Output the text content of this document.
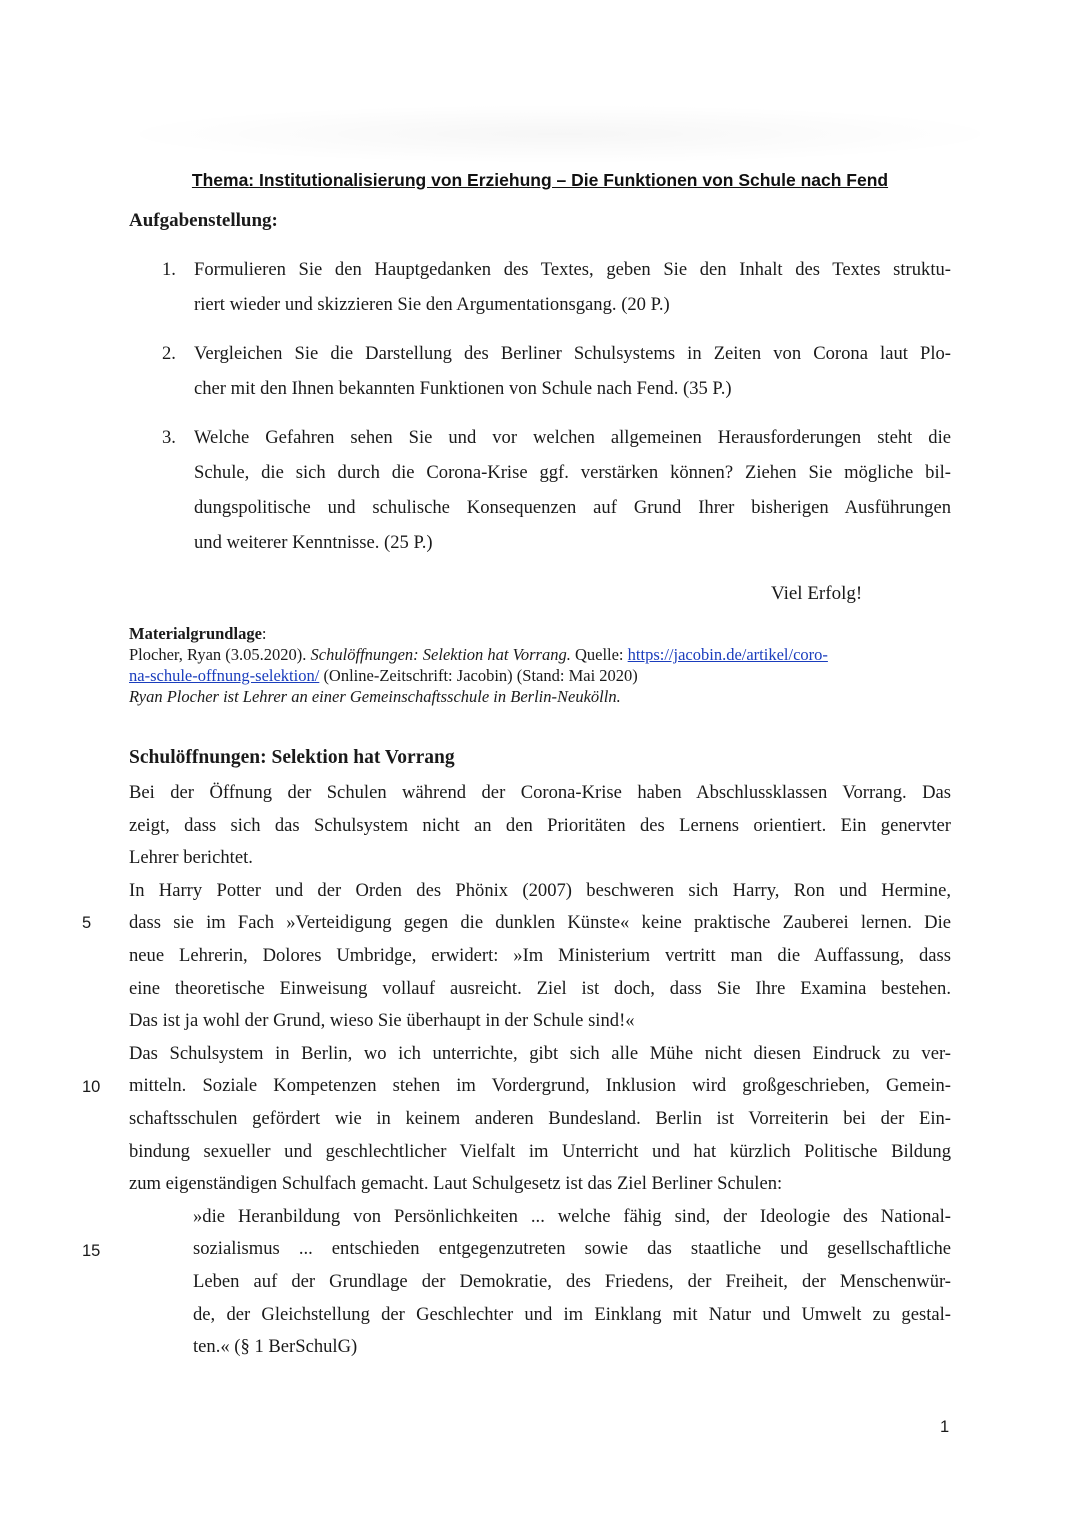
Thema: Institutionalisierung von Erziehung – Die Funktionen von Schule nach Fend
Aufgabenstellung:
1. Formulieren Sie den Hauptgedanken des Textes, geben Sie den Inhalt des Textes struktu-
riert wieder und skizzieren Sie den Argumentationsgang. (20 P.)
2. Vergleichen Sie die Darstellung des Berliner Schulsystems in Zeiten von Corona laut Plo-
cher mit den Ihnen bekannten Funktionen von Schule nach Fend. (35 P.)
3. Welche Gefahren sehen Sie und vor welchen allgemeinen Herausforderungen steht die
Schule, die sich durch die Corona-Krise ggf. verstärken können? Ziehen Sie mögliche bil-
dungspolitische und schulische Konsequenzen auf Grund Ihrer bisherigen Ausführungen
und weiterer Kenntnisse. (25 P.)
Viel Erfolg!
Materialgrundlage:
Plocher, Ryan (3.05.2020). Schulöffnungen: Selektion hat Vorrang. Quelle: https://jacobin.de/artikel/coro-
na-schule-offnung-selektion/ (Online-Zeitschrift: Jacobin) (Stand: Mai 2020)
Ryan Plocher ist Lehrer an einer Gemeinschaftsschule in Berlin-Neukölln.
Schulöffnungen: Selektion hat Vorrang
Bei der Öffnung der Schulen während der Corona-Krise haben Abschlussklassen Vorrang. Das
zeigt, dass sich das Schulsystem nicht an den Prioritäten des Lernens orientiert. Ein genervter
Lehrer berichtet.
In Harry Potter und der Orden des Phönix (2007) beschweren sich Harry, Ron und Hermine,
dass sie im Fach »Verteidigung gegen die dunklen Künste« keine praktische Zauberei lernen. Die
neue Lehrerin, Dolores Umbridge, erwidert: »Im Ministerium vertritt man die Auffassung, dass
eine theoretische Einweisung vollauf ausreicht. Ziel ist doch, dass Sie Ihre Examina bestehen.
Das ist ja wohl der Grund, wieso Sie überhaupt in der Schule sind!«
Das Schulsystem in Berlin, wo ich unterrichte, gibt sich alle Mühe nicht diesen Eindruck zu ver-
mitteln. Soziale Kompetenzen stehen im Vordergrund, Inklusion wird großgeschrieben, Gemein-
schaftsschulen gefördert wie in keinem anderen Bundesland. Berlin ist Vorreiterin bei der Ein-
bindung sexueller und geschlechtlicher Vielfalt im Unterricht und hat kürzlich Politische Bildung
zum eigenständigen Schulfach gemacht. Laut Schulgesetz ist das Ziel Berliner Schulen:
»die Heranbildung von Persönlichkeiten ... welche fähig sind, der Ideologie des National-
sozialismus ... entschieden entgegenzutreten sowie das staatliche und gesellschaftliche
Leben auf der Grundlage der Demokratie, des Friedens, der Freiheit, der Menschenwür-
de, der Gleichstellung der Geschlechter und im Einklang mit Natur und Umwelt zu gestal-
ten.« (§ 1 BerSchulG)
5
10
15
1
